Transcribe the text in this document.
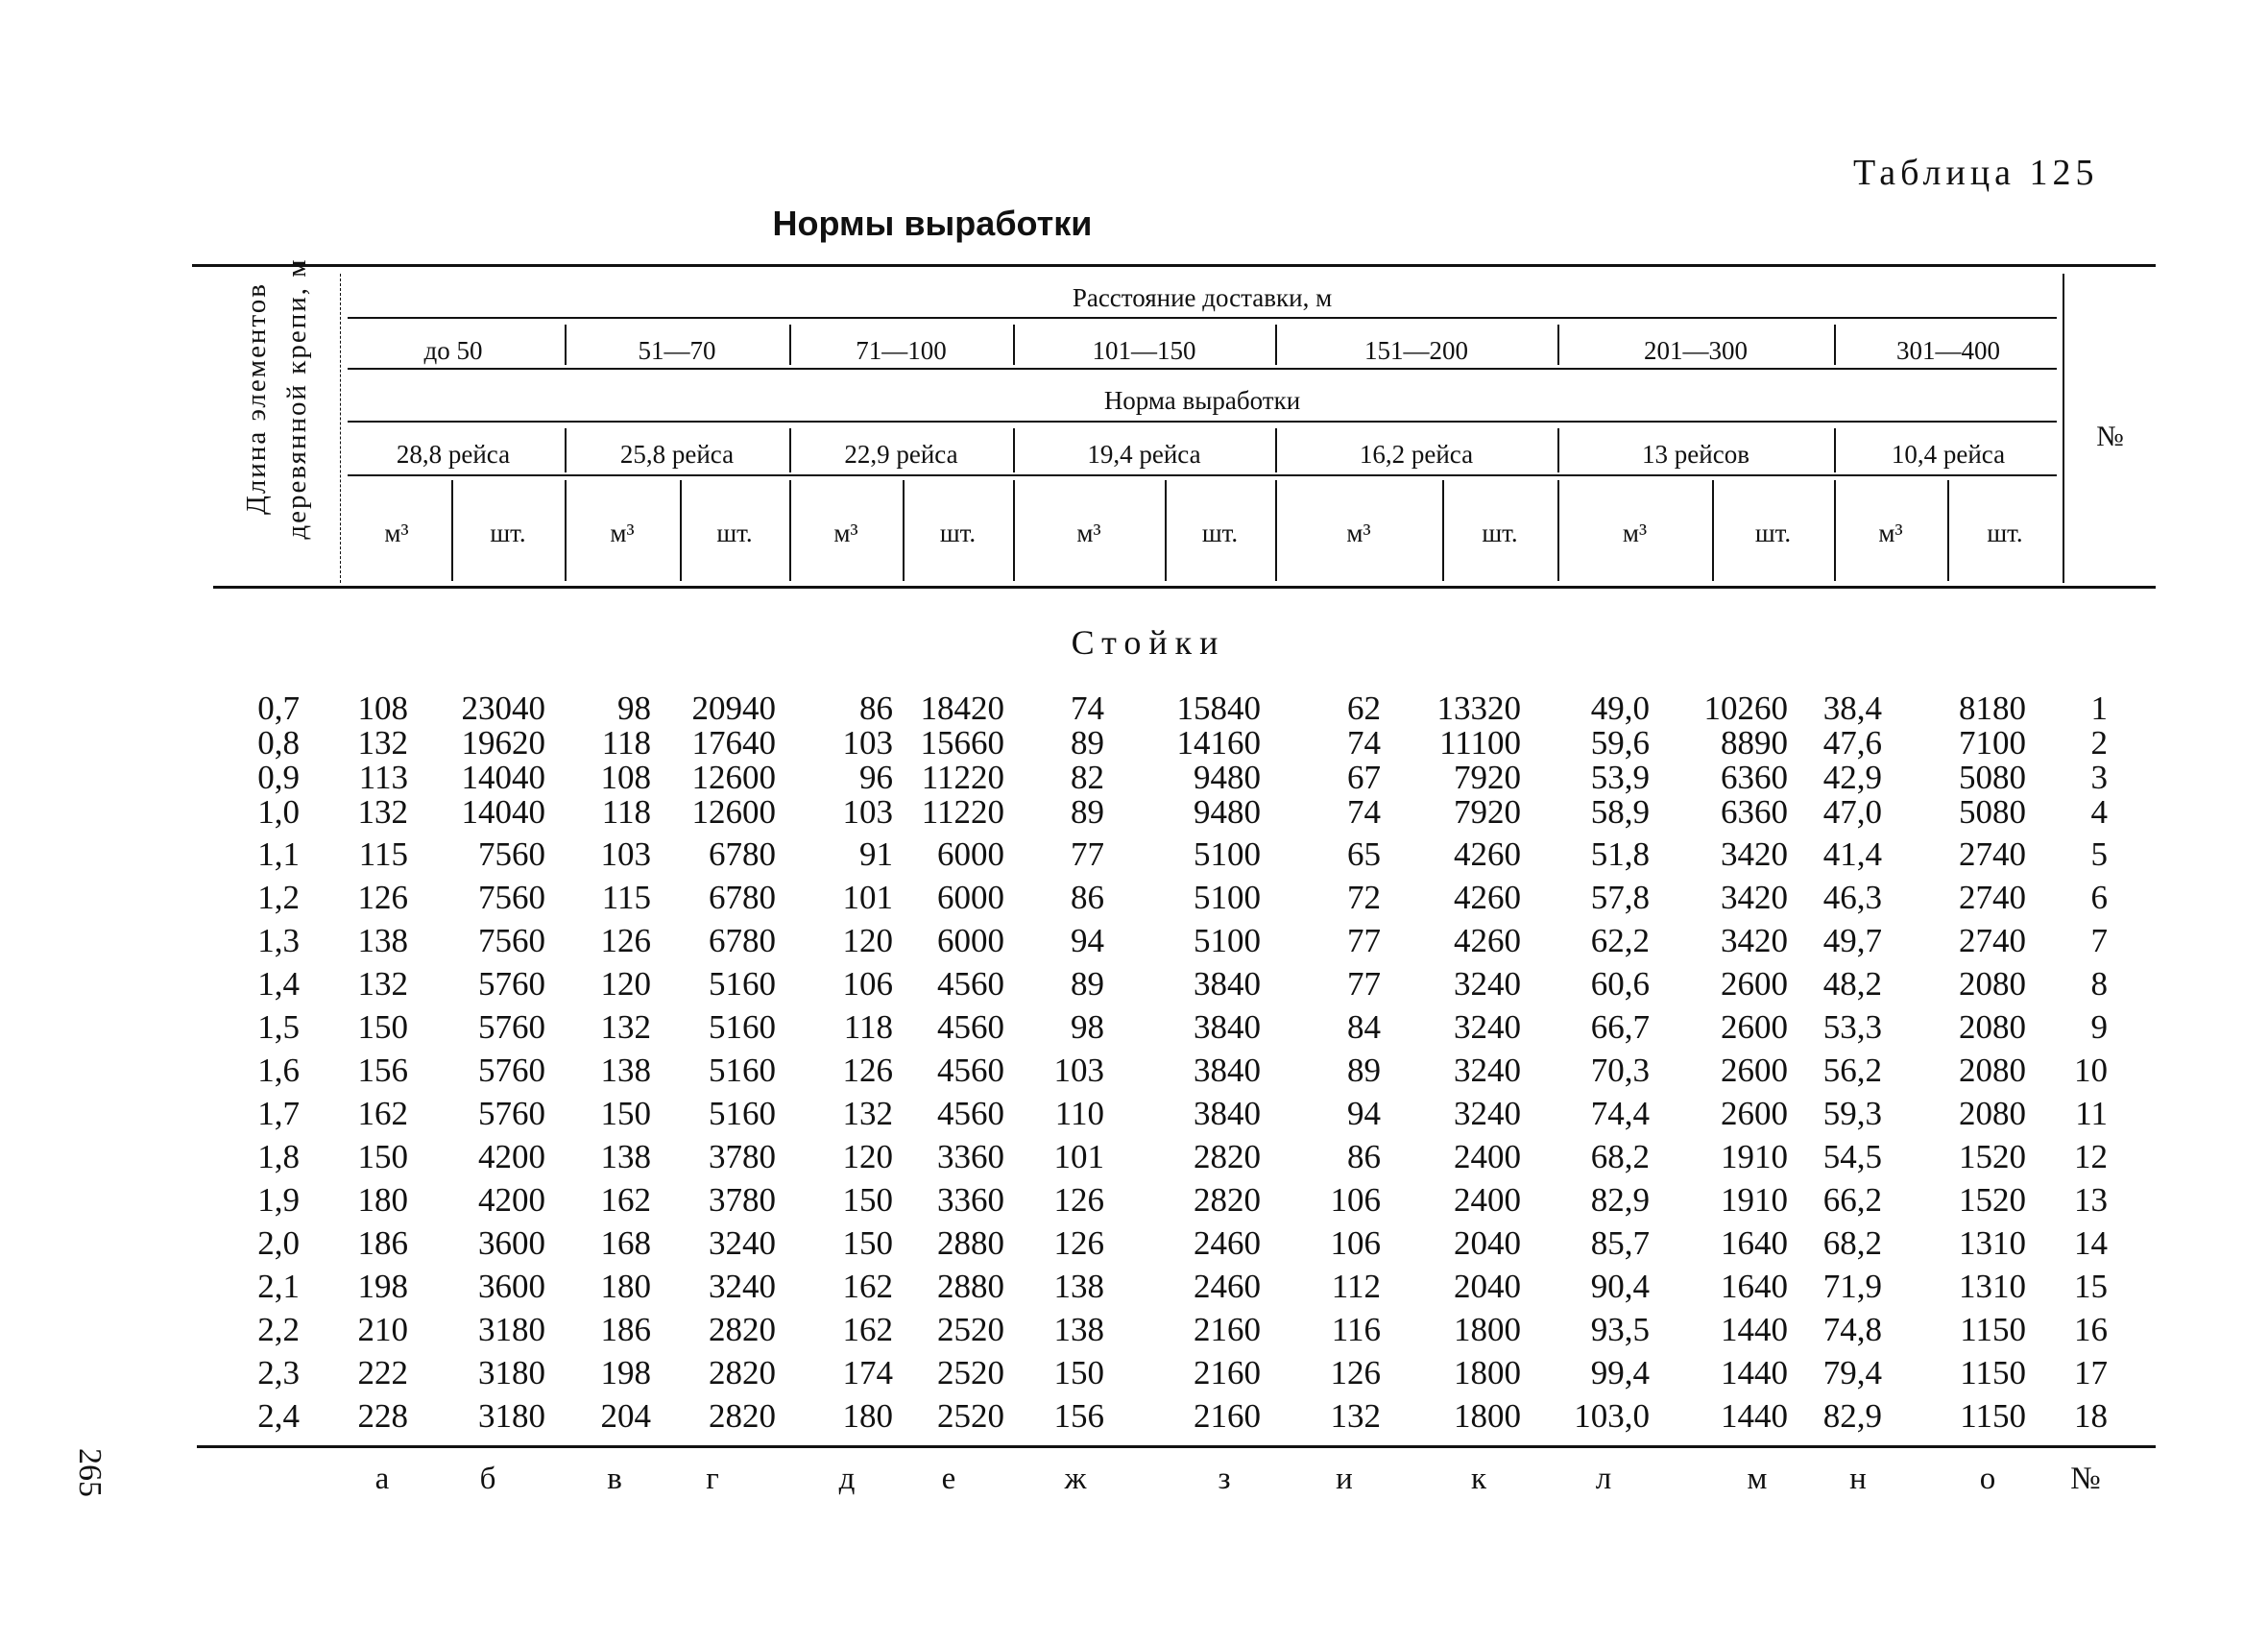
Таблица 125
Нормы выработки
Длина элементов деревянной крепи, м	Расстояние доставки, м
до 50	51—70	71—100	101—150	151—200	201—300	301—400
Норма выработки
28,8 рейса	25,8 рейса	22,9 рейса	19,4 рейса	16,2 рейса	13 рейсов	10,4 рейса
м³	шт.	м³	шт.	м³	шт.	м³	шт.	м³	шт.	м³	шт.	м³	шт.
№
Стойки
0,7	108	23040	98	20940	86 18420	74	15840	62	13320	49,0	10260	38,4	8180	1
0,8	132	19620	118	17640	103 15660	89	14160	74	11100	59,6	8890	47,6	7100	2
0,9	113	14040	108	12600	96 11220	82	9480	67	7920	53,9	6360	42,9	5080	3
1,0	132	14040	118	12600	103 11220	89	9480	74	7920	58,9	6360	47,0	5080	4
1,1	115	7560	103	6780	91	6000	77	5100	65	4260	51,8	3420	41,4	2740	5
1,2	126	7560	115	6780	101	6000	86	5100	72	4260	57,8	3420	46,3	2740	6
1,3	138	7560	126	6780	120	6000	94	5100	77	4260	62,2	3420	49,7	2740	7
1,4	132	5760	120	5160	106	4560	89	3840	77	3240	60,6	2600	48,2	2080	8
1,5	150	5760	132	5160	118	4560	98	3840	84	3240	66,7	2600	53,3	2080	9
1,6	156	5760	138	5160	126	4560	103	3840	89	3240	70,3	2600	56,2	2080	10
1,7	162	5760	150	5160	132	4560	110	3840	94	3240	74,4	2600	59,3	2080	11
1,8	150	4200	138	3780	120	3360	101	2820	86	2400	68,2	1910	54,5	1520	12
1,9	180	4200	162	3780	150	3360	126	2820	106	2400	82,9	1910	66,2	1520	13
2,0	186	3600	168	3240	150	2880	126	2460	106	2040	85,7	1640	68,2	1310	14
2,1	198	3600	180	3240	162	2880	138	2460	112	2040	90,4	1640	71,9	1310	15
2,2	210	3180	186	2820	162	2520	138	2160	116	1800	93,5	1440	74,8	1150	16
2,3	222	3180	198	2820	174	2520	150	2160	126	1800	99,4	1440	79,4	1150	17
2,4	228	3180	204	2820	180	2520	156	2160	132	1800	103,0	1440	82,9	1150	18
а	б	в	г	д	е	ж	з	и	к	л	м	н	о	№
265
